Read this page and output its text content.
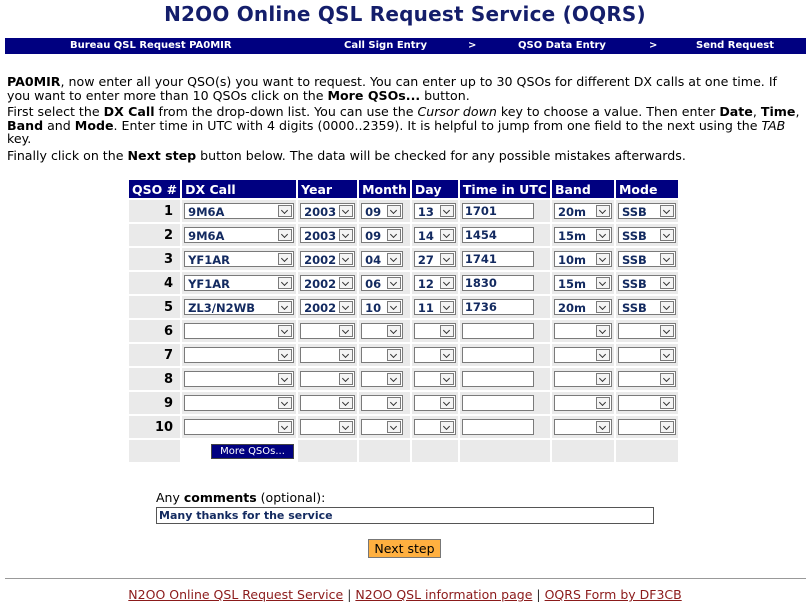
N2OO Online QSL Request Service (OQRS)
Bureau QSL Request PA0MIR	Call Sign Entry	>	QSO Data Entry	>	Send Request

PA0MIR, now enter all your QSO(s) you want to request. You can enter up to 30 QSOs for different DX calls at one time. If you want to enter more than 10 QSOs click on the More QSOs... button.

First select the DX Call from the drop-down list. You can use the Cursor down key to choose a value. Then enter Date, Time, Band and Mode. Enter time in UTC with 4 digits (0000..2359). It is helpful to jump from one field to the next using the TAB key.

Finally click on the Next step button below. The data will be checked for any possible mistakes afterwards.

QSO #	DX Call	Year	Month	Day	Time in UTC	Band	Mode	
1	9M6A	2003	09	13	1701	20m	SSB

2	9M6A	2003	09	14	1454	15m	SSB

3	YF1AR	2002	04	27	1741	10m	SSB

4	YF1AR	2002	06	12	1830	15m	SSB

5	ZL3/N2WB	2002	10	11	1736	20m	SSB

6	

7	

8	

9	

10	

	More QSOs...							
Any comments (optional):
Many thanks for the service
Next step
N2OO Online QSL Request Service | N2OO QSL information page | OQRS Form by DF3CB
